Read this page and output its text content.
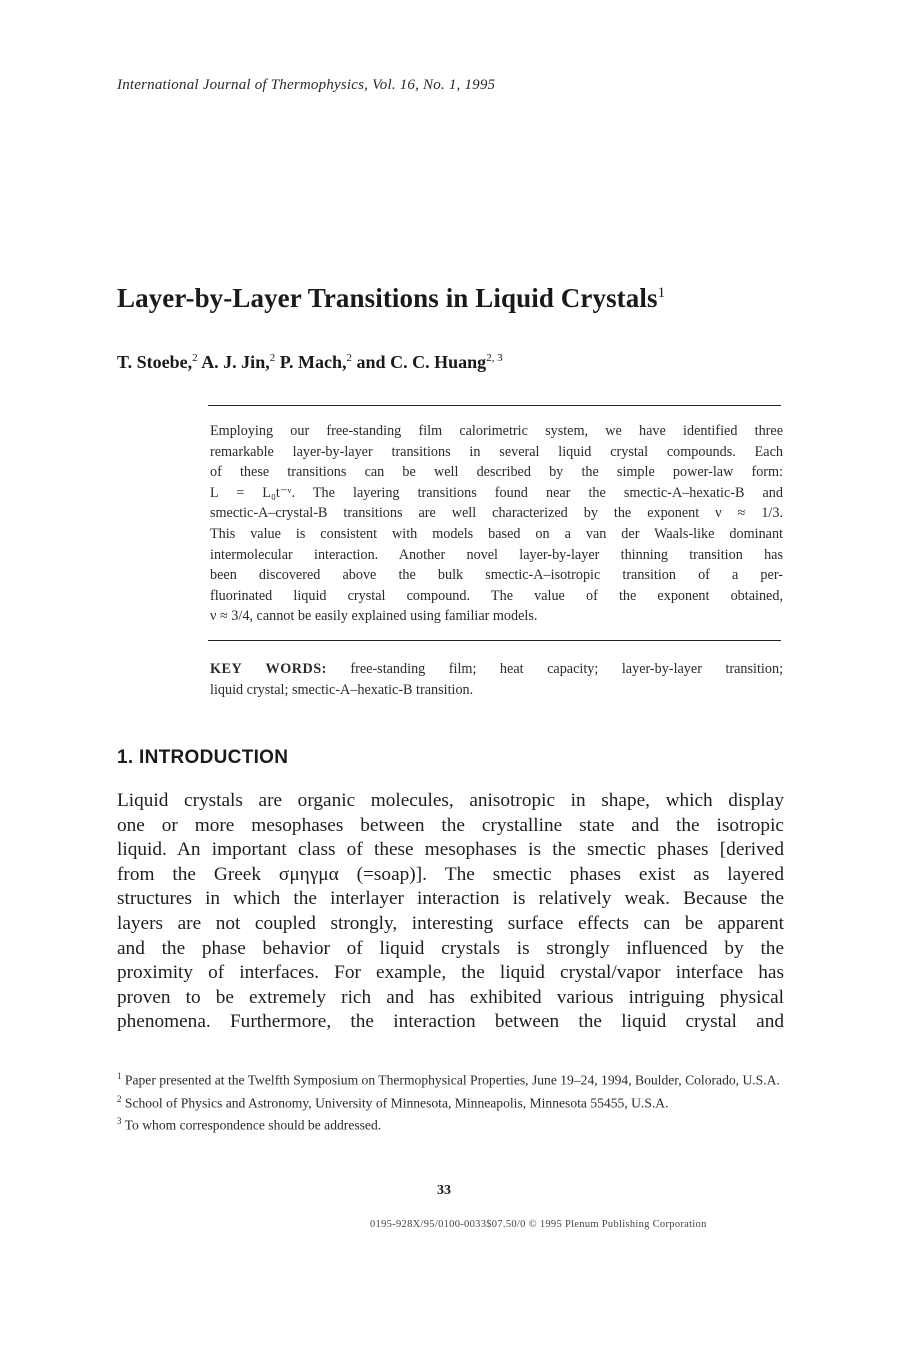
International Journal of Thermophysics, Vol. 16, No. 1, 1995
Layer-by-Layer Transitions in Liquid Crystals$^1$
T. Stoebe,$^2$ A. J. Jin,$^2$ P. Mach,$^2$ and C. C. Huang$^{2, 3}$
Employing our free-standing film calorimetric system, we have identified three
remarkable layer-by-layer transitions in several liquid crystal compounds. Each
of these transitions can be well described by the simple power-law form:
L = L₀t⁻ᵛ. The layering transitions found near the smectic-A–hexatic-B and
smectic-A–crystal-B transitions are well characterized by the exponent ν ≈ 1/3.
This value is consistent with models based on a van der Waals-like dominant
intermolecular interaction. Another novel layer-by-layer thinning transition has
been discovered above the bulk smectic-A–isotropic transition of a per-
fluorinated liquid crystal compound. The value of the exponent obtained,
ν ≈ 3/4, cannot be easily explained using familiar models.
KEY WORDS: free-standing film; heat capacity; layer-by-layer transition;
liquid crystal; smectic-A–hexatic-B transition.
1. INTRODUCTION
Liquid crystals are organic molecules, anisotropic in shape, which display
one or more mesophases between the crystalline state and the isotropic
liquid. An important class of these mesophases is the smectic phases [derived
from the Greek σμηγμα (=soap)]. The smectic phases exist as layered
structures in which the interlayer interaction is relatively weak. Because the
layers are not coupled strongly, interesting surface effects can be apparent
and the phase behavior of liquid crystals is strongly influenced by the
proximity of interfaces. For example, the liquid crystal/vapor interface has
proven to be extremely rich and has exhibited various intriguing physical
phenomena. Furthermore, the interaction between the liquid crystal and
$^1$ Paper presented at the Twelfth Symposium on Thermophysical Properties, June 19–24, 1994, Boulder, Colorado, U.S.A.
$^2$ School of Physics and Astronomy, University of Minnesota, Minneapolis, Minnesota 55455, U.S.A.
$^3$ To whom correspondence should be addressed.
33
0195-928X/95/0100-0033$07.50/0 © 1995 Plenum Publishing Corporation
